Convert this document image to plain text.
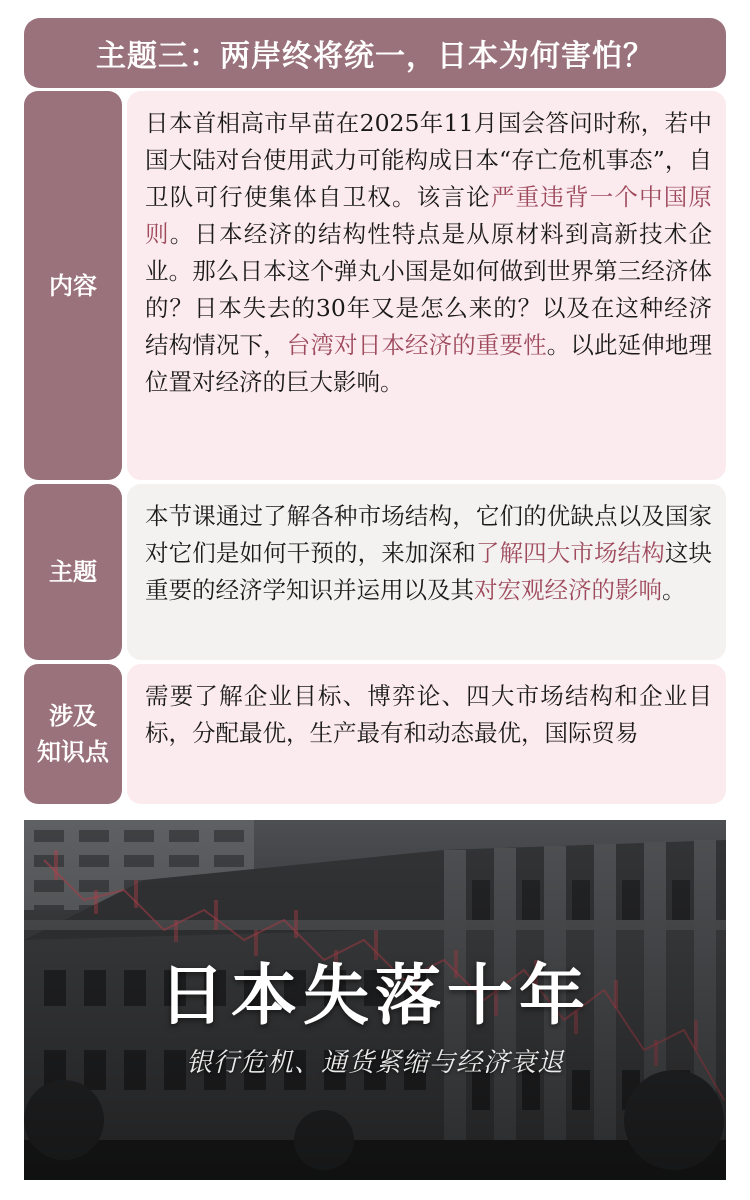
主题三：两岸终将统一，日本为何害怕？
内容
日本首相高市早苗在2025年11月国会答问时称，若中国大陆对台使用武力可能构成日本“存亡危机事态”，自卫队可行使集体自卫权。该言论严重违背一个中国原则。日本经济的结构性特点是从原材料到高新技术企业。那么日本这个弹丸小国是如何做到世界第三经济体的？日本失去的30年又是怎么来的？以及在这种经济结构情况下，台湾对日本经济的重要性。以此延伸地理位置对经济的巨大影响。
主题
本节课通过了解各种市场结构，它们的优缺点以及国家对它们是如何干预的，来加深和了解四大市场结构这块重要的经济学知识并运用以及其对宏观经济的影响。
涉及
知识点
需要了解企业目标、博弈论、四大市场结构和企业目标，分配最优，生产最有和动态最优，国际贸易
日本失落十年
银行危机、通货紧缩与经济衰退
